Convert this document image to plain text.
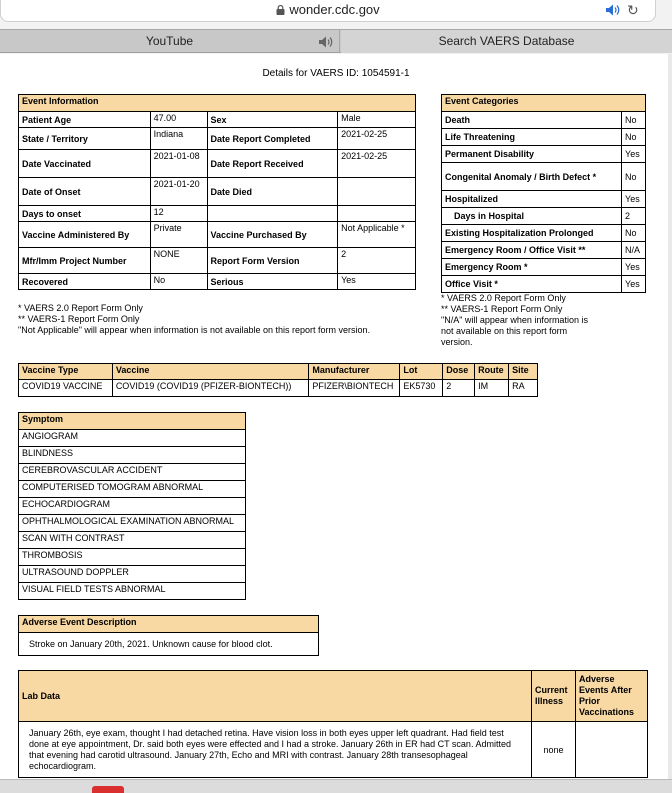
wonder.cdc.gov	↻
YouTube	Search VAERS Database
Details for VAERS ID: 1054591-1
Event Information			
Patient Age	47.00	Sex	Male
State / Territory	Indiana	Date Report Completed	2021-02-25
Date Vaccinated	2021-01-08	Date Report Received	2021-02-25
Date of Onset	2021-01-20	Date Died	
Days to onset	12		
Vaccine Administered By	Private	Vaccine Purchased By	Not Applicable *
Mfr/Imm Project Number	NONE	Report Form Version	2
Recovered	No	Serious	Yes
* VAERS 2.0 Report Form Only
** VAERS-1 Report Form Only
"Not Applicable" will appear when information is not available on this report form version.
Event Categories	
Death	No
Life Threatening	No
Permanent Disability	Yes
Congenital Anomaly / Birth Defect *	No
Hospitalized	Yes
Days in Hospital	2
Existing Hospitalization Prolonged	No
Emergency Room / Office Visit **	N/A
Emergency Room *	Yes
Office Visit *	Yes
* VAERS 2.0 Report Form Only
** VAERS-1 Report Form Only
"N/A" will appear when information is not available on this report form version.
Vaccine Type	Vaccine	Manufacturer	Lot	Dose	Route	Site
COVID19 VACCINE	COVID19 (COVID19 (PFIZER-BIONTECH))	PFIZER\BIONTECH	EK5730	2	IM	RA
Symptom
ANGIOGRAM
BLINDNESS
CEREBROVASCULAR ACCIDENT
COMPUTERISED TOMOGRAM ABNORMAL
ECHOCARDIOGRAM
OPHTHALMOLOGICAL EXAMINATION ABNORMAL
SCAN WITH CONTRAST
THROMBOSIS
ULTRASOUND DOPPLER
VISUAL FIELD TESTS ABNORMAL
Adverse Event Description
Stroke on January 20th, 2021. Unknown cause for blood clot.
Lab Data	Current Illness	Adverse Events After Prior Vaccinations
January 26th, eye exam, thought I had detached retina. Have vision loss in both eyes upper left quadrant. Had field test done at eye appointment, Dr. said both eyes were effected and I had a stroke. January 26th in ER had CT scan. Admitted that evening had carotid ultrasound. January 27th, Echo and MRI with contrast. January 28th transesophageal echocardiogram.	none	
